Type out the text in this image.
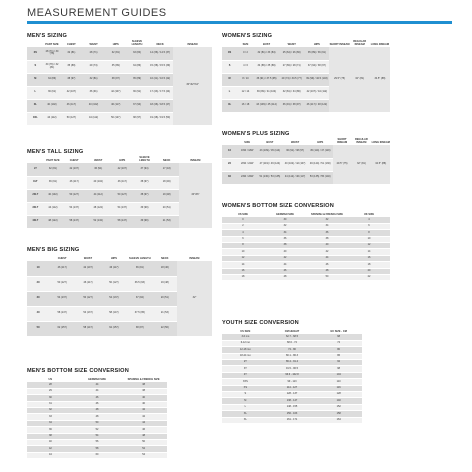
MEASUREMENT GUIDES
MEN'S SIZING
	PANT SIZE	CHEST	WAIST	HIPS	SLEEVE LENGTH	NECK	INSEAM
XS	28 (71) / 30 (76)	32 (81)	28 (71)	32 (81)	33 (84)	14 (36) / 14.5 (37)	30"/32"/34"
S	30 (76) / 32 (81)	35 (89)	29 (74)	35 (89)	34 (86)	15 (38) / 15.5 (39)	
M	34 (86)	38 (97)	32 (81)	38 (97)	35 (89)	16 (41) / 16.5 (42)	
L	36 (91)	42 (107)	36 (91)	42 (107)	36 (91)	17 (43) / 17.5 (44)	
XL	40 (102)	46 (117)	40 (102)	46 (117)	37 (94)	18 (46) / 18.5 (47)	
XXL	44 (112)	50 (127)	44 (112)	50 (127)	38 (97)	19 (48) / 19.5 (50)	
MEN'S TALL SIZING
	PANT SIZE	CHEST	WAIST	HIPS	SLEEVE LENGTH	NECK	INSEAM
LT	32 (81)	42 (107)	36 (91)	42 (107)	37 (94)	17 (43)	34"/36"
XLT	36 (91)	46 (117)	40 (102)	46 (117)	38 (97)	18 (46)	
2XLT	40 (102)	50 (127)	44 (112)	50 (127)	38 (97)	19 (48)	
3XLT	44 (112)	54 (137)	48 (122)	54 (137)	39 (99)	20 (51)	
4XLT	48 (122)	58 (147)	52 (132)	58 (147)	39 (99)	21 (53)	
MEN'S BIG SIZING
	CHEST	WAIST	HIPS	SLEEVE LENGTH	NECK	INSEAM
1X	46 (117)	42 (107)	46 (117)	36 (91)	18 (46)	32"
2X	50 (127)	46 (117)	50 (127)	36.5 (93)	19 (48)	
3X	54 (137)	50 (127)	54 (137)	37 (94)	20 (51)	
4X	58 (147)	54 (137)	58 (147)	37.5 (95)	21 (53)	
5X	62 (157)	58 (147)	62 (157)	38 (97)	22 (56)	
MEN'S BOTTOM SIZE CONVERSION
US	GERMAN SIZE	SPANISH & FRENCH SIZE
28	44	38
29	44	38
30	46	40
31	46	40
32	48	42
33	48	42
34	50	44
36	52	46
38	54	48
40	56	50
42	58	52
44	60	54
WOMEN'S SIZING
	SIZE	BUST	WAIST	HIPS	SHORT INSEAM	REGULAR INSEAM	LONG INSEAM
XS	0 / 2	32 (81) / 33 (84)	25 (64) / 26 (66)	35 (89) / 36 (91)	29.5" (75)	32" (81)	34.5" (88)
S	4 / 6	34 (86) / 35 (89)	27 (69) / 28 (71)	37 (94) / 38 (97)			
M	8 / 10	36 (91) / 37.5 (95)	29 (74) / 30.5 (77)	39 (99) / 40.5 (103)			
L	12 / 14	39 (99) / 41 (104)	32 (81) / 34 (86)	42 (107) / 44 (112)			
XL	16 / 18	43 (109) / 45 (114)	36 (91) / 38 (97)	46 (117) / 48 (122)			
WOMEN'S PLUS SIZING
	SIZE	BUST	WAIST	HIPS	SHORT INSEAM	REGULAR INSEAM	LONG INSEAM
1X	16W / 18W	43 (109) / 45 (114)	36 (91) / 38 (97)	45 (114) / 47 (119)	29.5" (75)	32" (81)	34.5" (88)
2X	20W / 22W	47 (119) / 49 (124)	40 (102) / 42 (107)	49 (124) / 51 (130)			
3X	24W / 26W	51 (130) / 53 (135)	44 (112) / 46 (117)	53 (135) / 55 (140)			
WOMEN'S BOTTOM SIZE CONVERSION
US SIZE	GERMAN SIZE	SPANISH & FRENCH SIZE	UK SIZE
0	30	32	4
2	32	34	6
4	34	36	8
6	36	38	10
8	38	40	12
10	40	42	14
12	42	44	16
14	44	46	18
16	46	48	20
18	48	50	22
YOUTH SIZE CONVERSION
US SIZE	CM HEIGHT	EU SIZE - CM
3-6 mo	62.7 - 68.5	68
6-12 mo	68.6 - 74	74
12-18 mo	74 - 80	80
18-24 mo	80.1 - 86.3	86
2T	86.4 - 91.4	92
3T	91.5 - 96.5	98
4T	96.6 - 102.8	104
XXS	99 - 113	110
XS	114 - 127	116
S	128 - 137	128
M	138 - 147	140
L	148 - 155	152
XL	156 - 163	158
XL	161 - 171	164
